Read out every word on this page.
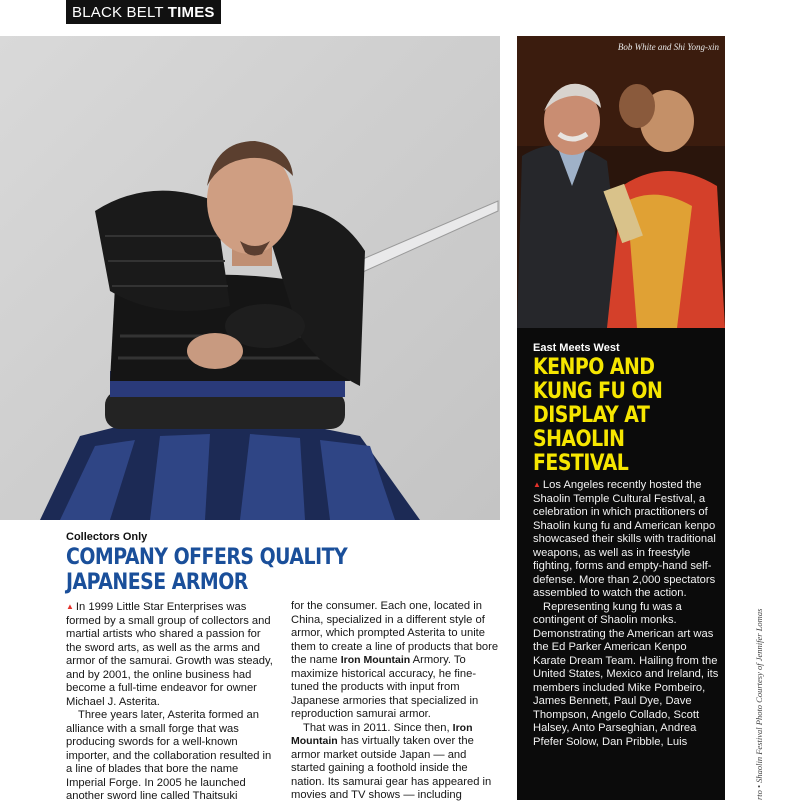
BLACK BELT TIMES
Bob White and Shi Yong-xin
East Meets West
KENPO AND KUNG FU ON DISPLAY AT SHAOLIN FESTIVAL

▲ Los Angeles recently hosted the Shaolin Temple Cultural Festival, a celebration in which practitioners of Shaolin kung fu and American kenpo showcased their skills with traditional weapons, as well as in freestyle fighting, forms and empty-hand self-defense. More than 2,000 spectators assembled to watch the action.

Representing kung fu was a contingent of Shaolin monks. Demonstrating the American art was the Ed Parker American Kenpo Karate Dream Team. Hailing from the United States, Mexico and Ireland, its members included Mike Pombeiro, James Bennett, Paul Dye, Dave Thompson, Angelo Collado, Scott Halsey, Anto Parseghian, Andrea Pfefer Solow, Dan Pribble, Luis

Collectors Only
COMPANY OFFERS QUALITY JAPANESE ARMOR

▲ In 1999 Little Star Enterprises was formed by a small group of collectors and martial artists who shared a passion for the sword arts, as well as the arms and armor of the samurai. Growth was steady, and by 2001, the online business had become a full-time endeavor for owner Michael J. Asterita.

Three years later, Asterita formed an alliance with a small forge that was producing swords for a well-known importer, and the collaboration resulted in a line of blades that bore the name Imperial Forge. In 2005 he launched another sword line called Thaitsuki

for the consumer. Each one, located in China, specialized in a different style of armor, which prompted Asterita to unite them to create a line of products that bore the name Iron Mountain Armory. To maximize historical accuracy, he fine-tuned the products with input from Japanese armories that specialized in reproduction samurai armor.

That was in 2011. Since then, Iron Mountain has virtually taken over the armor market outside Japan — and started gaining a foothold inside the nation. Its samurai gear has appeared in movies and TV shows — including	rto • Shaolin Festival Photo Courtesy of Jennifer Lomas
